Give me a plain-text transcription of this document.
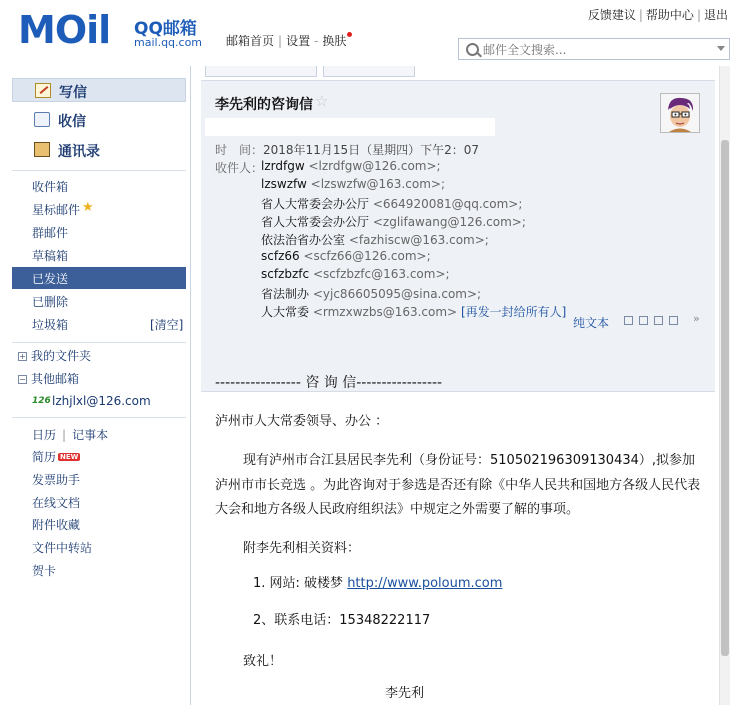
MOil QQ邮箱
mail.qq.com 邮箱首页 | 设置 - 换肤
反馈建议 | 帮助中心 | 退出
邮件全文搜索...
写信
收信
通讯录
收件箱
星标邮件 ★
群邮件
草稿箱
已发送
已删除
垃圾箱	[清空]
+ 我的文件夹
− 其他邮箱
126 lzhjlxl@126.com
日历 | 记事本
简历 NEW
发票助手
在线文档
附件收藏
文件中转站
贺卡
李先利的咨询信 ☆
时　间：2018年11月15日（星期四）下午2：07
收件人：
lzrdfgw <lzrdfgw@126.com>;
lzswzfw <lzswzfw@163.com>;
省人大常委会办公厅 <664920081@qq.com>;
省人大常委会办公厅 <zglifawang@126.com>;
依法治省办公室 <fazhiscw@163.com>;
scfz66 <scfz66@126.com>;
scfzbzfc <scfzbzfc@163.com>;
省法制办 <yjc86605095@sina.com>;
人大常委 <rmzxwzbs@163.com> [再发一封给所有人]
纯文本	»
----------------- 咨 询 信-----------------
泸州市人大常委领导、办公 ：
现有泸州市合江县居民李先利（身份证号：510502196309130434）,拟参加
泸州市市长竞选 。为此咨询对于参选是否还有除《中华人民共和国地方各级人民代表
大会和地方各级人民政府组织法》中规定之外需要了解的事项。
附李先利相关资料：
1. 网站: 破楼梦 http://www.poloum.com
2、联系电话：15348222117
致礼！
李先利
